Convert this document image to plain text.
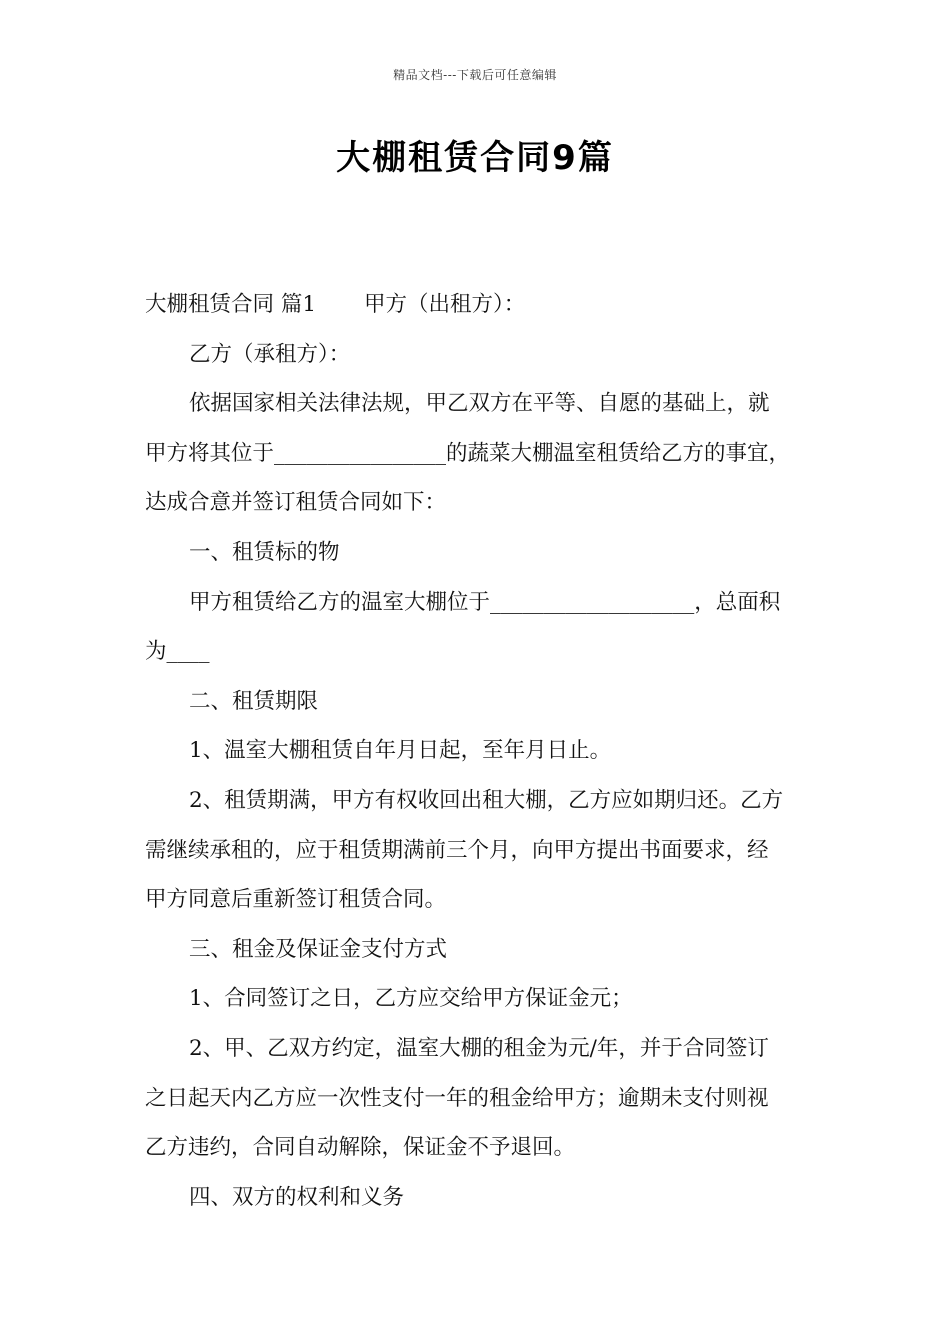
精品文档---下载后可任意编辑
大棚租赁合同9篇

大棚租赁合同 篇1 甲方（出租方）：

乙方（承租方）：

依据国家相关法律法规，甲乙双方在平等、自愿的基础上，就

甲方将其位于________________的蔬菜大棚温室租赁给乙方的事宜，

达成合意并签订租赁合同如下：

一、租赁标的物

甲方租赁给乙方的温室大棚位于___________________，总面积

为____

二、租赁期限

1、温室大棚租赁自年月日起，至年月日止。

2、租赁期满，甲方有权收回出租大棚，乙方应如期归还。乙方

需继续承租的，应于租赁期满前三个月，向甲方提出书面要求，经

甲方同意后重新签订租赁合同。

三、租金及保证金支付方式

1、合同签订之日，乙方应交给甲方保证金元；

2、甲、乙双方约定，温室大棚的租金为元/年，并于合同签订

之日起天内乙方应一次性支付一年的租金给甲方；逾期未支付则视

乙方违约，合同自动解除，保证金不予退回。

四、双方的权利和义务
